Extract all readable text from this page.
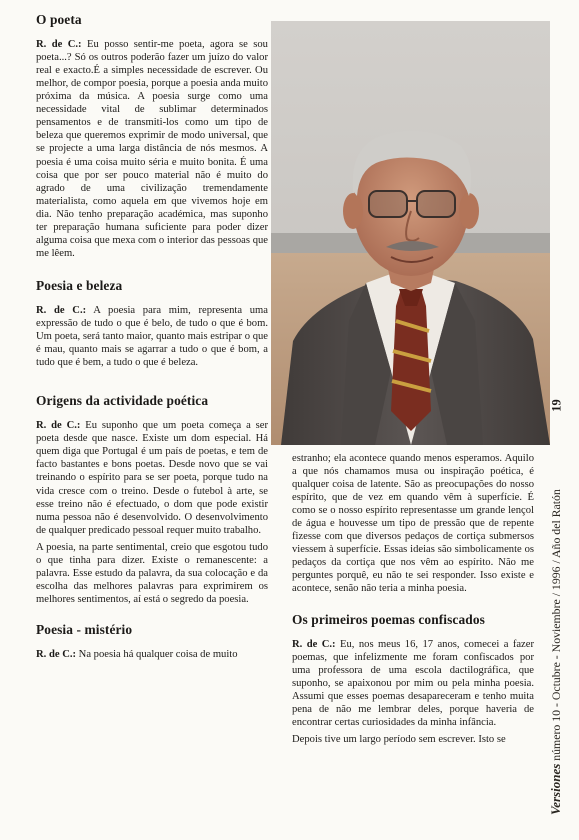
O poeta

R. de C.: Eu posso sentir-me poeta, agora se sou poeta...? Só os outros poderão fazer um juízo do valor real e exacto.É a simples necessidade de escrever. Ou melhor, de compor poesia, porque a poesia anda muito próxima da música. A poesia surge como uma necessidade vital de sublimar determinados pensamentos e de transmiti-los como um tipo de beleza que queremos exprimir de modo universal, que se projecte a uma larga distância de nós mesmos. A poesia é uma coisa muito séria e muito bonita. É uma coisa que por ser pouco material não é muito do agrado de uma civilização tremendamente materialista, como aquela em que vivemos hoje em dia. Não tenho preparação académica, mas suponho ter preparação humana suficiente para poder dizer alguma coisa que mexa com o interior das pessoas que me lêem.

Poesia e beleza

R. de C.: A poesia para mim, representa uma expressão de tudo o que é belo, de tudo o que é bom. Um poeta, será tanto maior, quanto mais estripar o que é mau, quanto mais se agarrar a tudo o que é bom, a tudo que é bem, a tudo o que é beleza.

Origens da actividade poética

R. de C.: Eu suponho que um poeta começa a ser poeta desde que nasce. Existe um dom especial. Há quem diga que Portugal é um país de poetas, e tem de facto bastantes e bons poetas. Desde novo que se vai treinando o espírito para se ser poeta, porque tudo na vida cresce com o treino. Desde o futebol à arte, se esse treino não é efectuado, o dom que pode existir numa pessoa não é desenvolvido. O desenvolvimento de qualquer predicado pessoal requer muito trabalho.

A poesia, na parte sentimental, creio que esgotou tudo o que tinha para dizer. Existe o remanescente: a palavra. Esse estudo da palavra, da sua colocação e da escolha das melhores palavras para exprimirem os melhores sentimentos, aí está o segredo da poesia.

Poesia - mistério

R. de C.: Na poesia há qualquer coisa de muito

estranho; ela acontece quando menos esperamos. Aquilo a que nós chamamos musa ou inspiração poética, é qualquer coisa de latente. São as preocupações do nosso espírito, que de vez em quando vêm à superfície. É como se o nosso espírito representasse um grande lençol de água e houvesse um tipo de pressão que de repente fizesse com que diversos pedaços de cortiça submersos viessem à superfície. Essas ideias são simbolicamente os pedaços da cortiça que nos vêm ao espírito. Não me perguntes porquê, eu não te sei responder. Isso existe e acontece, senão não teria a minha poesia.

Os primeiros poemas confiscados

R. de C.: Eu, nos meus 16, 17 anos, comecei a fazer poemas, que infelizmente me foram confiscados por uma professora de uma escola dactilográfica, que suponho, se apaixonou por mim ou pela minha poesia. Assumi que esses poemas desapareceram e tenho muita pena de não me lembrar deles, porque haveria de encontrar certas curiosidades da minha infância.

Depois tive um largo período sem escrever. Isto se

19
Versiones número 10 - Octubre - Noviembre / 1996 / Año del Ratón
